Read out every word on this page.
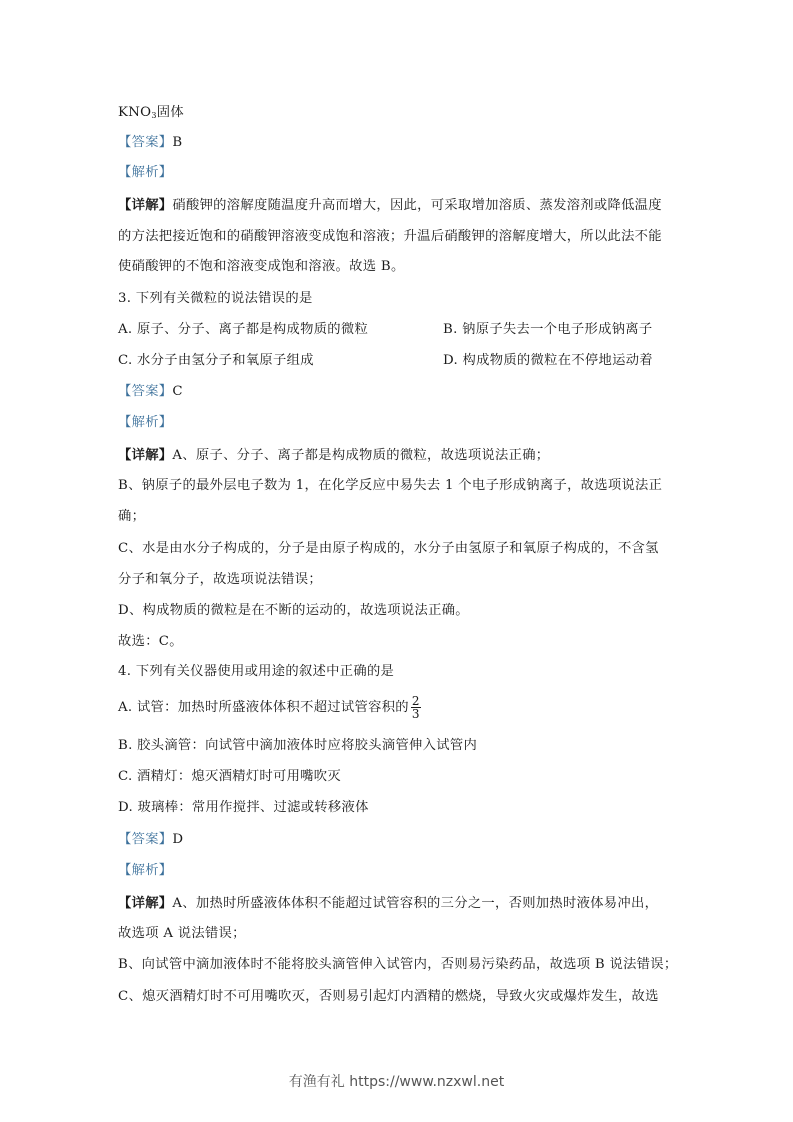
$KNO_3$固体
【答案】B
【解析】
【详解】硝酸钾的溶解度随温度升高而增大，因此，可采取增加溶质、蒸发溶剂或降低温度
的方法把接近饱和的硝酸钾溶液变成饱和溶液；升温后硝酸钾的溶解度增大，所以此法不能
使硝酸钾的不饱和溶液变成饱和溶液。故选 B。
3. 下列有关微粒的说法错误的是
A. 原子、分子、离子都是构成物质的微粒	B. 钠原子失去一个电子形成钠离子
C. 水分子由氢分子和氧原子组成	D. 构成物质的微粒在不停地运动着
【答案】C
【解析】
【详解】A、原子、分子、离子都是构成物质的微粒，故选项说法正确；
B、钠原子的最外层电子数为 1，在化学反应中易失去 1 个电子形成钠离子，故选项说法正
确；
C、水是由水分子构成的，分子是由原子构成的，水分子由氢原子和氧原子构成的，不含氢
分子和氧分子，故选项说法错误；
D、构成物质的微粒是在不断的运动的，故选项说法正确。
故选：C。
4. 下列有关仪器使用或用途的叙述中正确的是
A. 试管：加热时所盛液体体积不超过试管容积的 $\frac{2}{3}$
B. 胶头滴管：向试管中滴加液体时应将胶头滴管伸入试管内
C. 酒精灯：熄灭酒精灯时可用嘴吹灭
D. 玻璃棒：常用作搅拌、过滤或转移液体
【答案】D
【解析】
【详解】A、加热时所盛液体体积不能超过试管容积的三分之一，否则加热时液体易冲出，
故选项 A 说法错误；
B、向试管中滴加液体时不能将胶头滴管伸入试管内，否则易污染药品，故选项 B 说法错误；
C、熄灭酒精灯时不可用嘴吹灭，否则易引起灯内酒精的燃烧，导致火灾或爆炸发生，故选
有渔有礼 https://www.nzxwl.net
